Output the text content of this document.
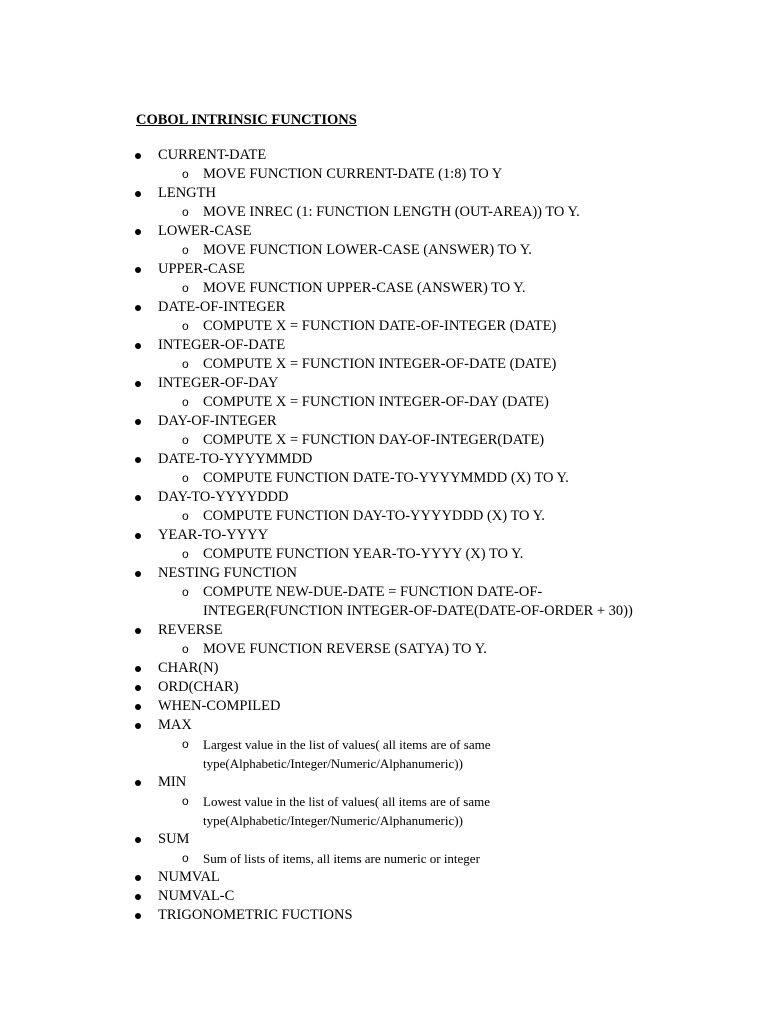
COBOL INTRINSIC FUNCTIONS
CURRENT-DATE
o MOVE FUNCTION CURRENT-DATE (1:8) TO Y
LENGTH
o MOVE INREC (1: FUNCTION LENGTH (OUT-AREA)) TO Y.
LOWER-CASE
o MOVE FUNCTION LOWER-CASE (ANSWER) TO Y.
UPPER-CASE
o MOVE FUNCTION UPPER-CASE (ANSWER) TO Y.
DATE-OF-INTEGER
o COMPUTE X = FUNCTION DATE-OF-INTEGER (DATE)
INTEGER-OF-DATE
o COMPUTE X = FUNCTION INTEGER-OF-DATE (DATE)
INTEGER-OF-DAY
o COMPUTE X = FUNCTION INTEGER-OF-DAY (DATE)
DAY-OF-INTEGER
o COMPUTE X = FUNCTION DAY-OF-INTEGER(DATE)
DATE-TO-YYYYMMDD
o COMPUTE FUNCTION DATE-TO-YYYYMMDD (X) TO Y.
DAY-TO-YYYYDDD
o COMPUTE FUNCTION DAY-TO-YYYYDDD (X) TO Y.
YEAR-TO-YYYY
o COMPUTE FUNCTION YEAR-TO-YYYY (X) TO Y.
NESTING FUNCTION
o COMPUTE NEW-DUE-DATE = FUNCTION DATE-OF-INTEGER(FUNCTION INTEGER-OF-DATE(DATE-OF-ORDER + 30))
REVERSE
o MOVE FUNCTION REVERSE (SATYA) TO Y.
CHAR(N)
ORD(CHAR)
WHEN-COMPILED
MAX
o Largest value in the list of values( all items are of same type(Alphabetic/Integer/Numeric/Alphanumeric))
MIN
o Lowest value in the list of values( all items are of same type(Alphabetic/Integer/Numeric/Alphanumeric))
SUM
o Sum of lists of items, all items are numeric or integer
NUMVAL
NUMVAL-C
TRIGONOMETRIC FUCTIONS
